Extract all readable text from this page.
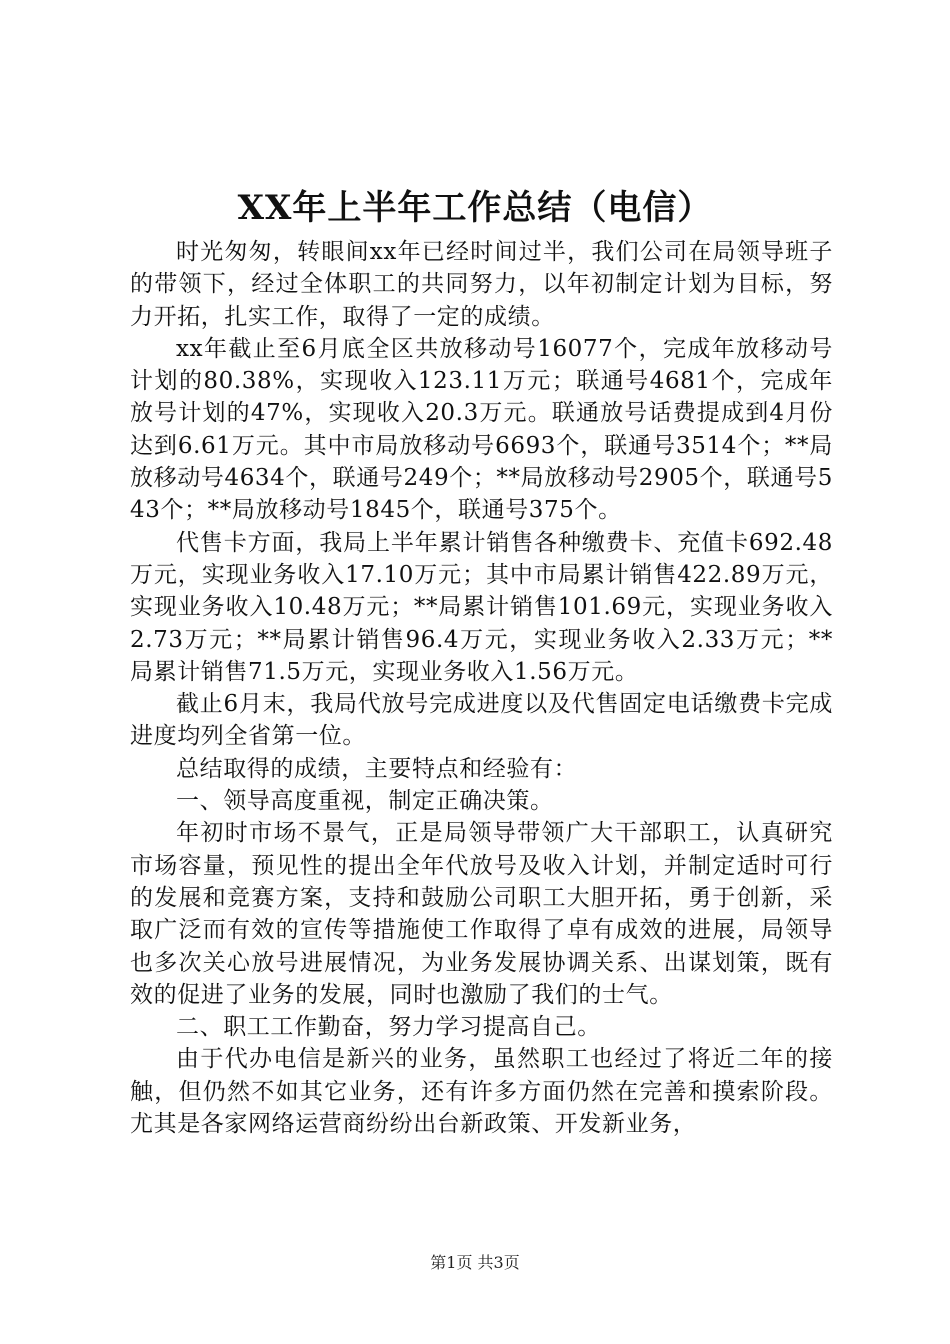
XX年上半年工作总结（电信）

时光匆匆，转眼间xx年已经时间过半，我们公司在局领导班子的带领下，经过全体职工的共同努力，以年初制定计划为目标，努力开拓，扎实工作，取得了一定的成绩。

xx年截止至6月底全区共放移动号16077个，完成年放移动号计划的80.38%，实现收入123.11万元；联通号4681个，完成年放号计划的47%，实现收入20.3万元。联通放号话费提成到4月份达到6.61万元。其中市局放移动号6693个，联通号3514个；**局放移动号4634个，联通号249个；**局放移动号2905个，联通号543个；**局放移动号1845个，联通号375个。

代售卡方面，我局上半年累计销售各种缴费卡、充值卡692.48万元，实现业务收入17.10万元；其中市局累计销售422.89万元，实现业务收入10.48万元；**局累计销售101.69元，实现业务收入2.73万元；**局累计销售96.4万元，实现业务收入2.33万元；**局累计销售71.5万元，实现业务收入1.56万元。

截止6月末，我局代放号完成进度以及代售固定电话缴费卡完成进度均列全省第一位。

总结取得的成绩，主要特点和经验有：

一、领导高度重视，制定正确决策。

年初时市场不景气，正是局领导带领广大干部职工，认真研究市场容量，预见性的提出全年代放号及收入计划，并制定适时可行的发展和竞赛方案，支持和鼓励公司职工大胆开拓，勇于创新，采取广泛而有效的宣传等措施使工作取得了卓有成效的进展，局领导也多次关心放号进展情况，为业务发展协调关系、出谋划策，既有效的促进了业务的发展，同时也激励了我们的士气。

二、职工工作勤奋，努力学习提高自己。

由于代办电信是新兴的业务，虽然职工也经过了将近二年的接触，但仍然不如其它业务，还有许多方面仍然在完善和摸索阶段。尤其是各家网络运营商纷纷出台新政策、开发新业务，

第1页 共3页
